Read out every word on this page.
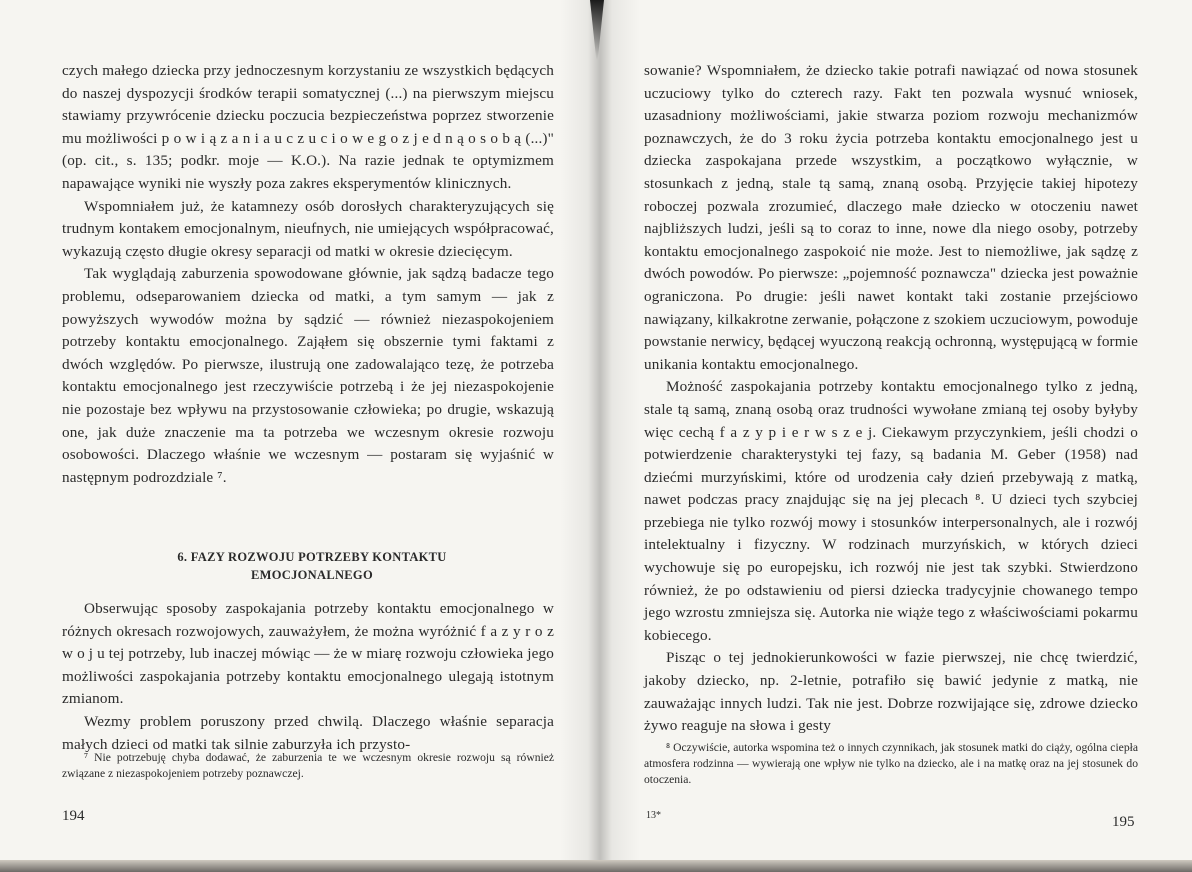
czych małego dziecka przy jednoczesnym korzystaniu ze wszystkich będących do naszej dyspozycji środków terapii somatycznej (...) na pierwszym miejscu stawiamy przywrócenie dziecku poczucia bezpieczeństwa poprzez stworzenie mu możliwości p o w i ą z a n i a u c z u c i o w e g o z j e d n ą o s o b ą (...)" (op. cit., s. 135; podkr. moje — K.O.). Na razie jednak te optymizmem napawające wyniki nie wyszły poza zakres eksperymentów klinicznych.

Wspomniałem już, że katamnezy osób dorosłych charakteryzujących się trudnym kontakem emocjonalnym, nieufnych, nie umiejących współpracować, wykazują często długie okresy separacji od matki w okresie dziecięcym.

Tak wyglądają zaburzenia spowodowane głównie, jak sądzą badacze tego problemu, odseparowaniem dziecka od matki, a tym samym — jak z powyższych wywodów można by sądzić — również niezaspokojeniem potrzeby kontaktu emocjonalnego. Zająłem się obszernie tymi faktami z dwóch względów. Po pierwsze, ilustrują one zadowalająco tezę, że potrzeba kontaktu emocjonalnego jest rzeczywiście potrzebą i że jej niezaspokojenie nie pozostaje bez wpływu na przystosowanie człowieka; po drugie, wskazują one, jak duże znaczenie ma ta potrzeba we wczesnym okresie rozwoju osobowości. Dlaczego właśnie we wczesnym — postaram się wyjaśnić w następnym podrozdziale ⁷.

6. FAZY ROZWOJU POTRZEBY KONTAKTU
EMOCJONALNEGO

Obserwując sposoby zaspokajania potrzeby kontaktu emocjonalnego w różnych okresach rozwojowych, zauważyłem, że można wyróżnić f a z y r o z w o j u tej potrzeby, lub inaczej mówiąc — że w miarę rozwoju człowieka jego możliwości zaspokajania potrzeby kontaktu emocjonalnego ulegają istotnym zmianom.

Wezmy problem poruszony przed chwilą. Dlaczego właśnie separacja małych dzieci od matki tak silnie zaburzyła ich przysto-

⁷ Nie potrzebuję chyba dodawać, że zaburzenia te we wczesnym okresie rozwoju są również związane z niezaspokojeniem potrzeby poznawczej.

194

sowanie? Wspomniałem, że dziecko takie potrafi nawiązać od nowa stosunek uczuciowy tylko do czterech razy. Fakt ten pozwala wysnuć wniosek, uzasadniony możliwościami, jakie stwarza poziom rozwoju mechanizmów poznawczych, że do 3 roku życia potrzeba kontaktu emocjonalnego jest u dziecka zaspokajana przede wszystkim, a początkowo wyłącznie, w stosunkach z jedną, stale tą samą, znaną osobą. Przyjęcie takiej hipotezy roboczej pozwala zrozumieć, dlaczego małe dziecko w otoczeniu nawet najbliższych ludzi, jeśli są to coraz to inne, nowe dla niego osoby, potrzeby kontaktu emocjonalnego zaspokoić nie może. Jest to niemożliwe, jak sądzę z dwóch powodów. Po pierwsze: „pojemność poznawcza" dziecka jest poważnie ograniczona. Po drugie: jeśli nawet kontakt taki zostanie przejściowo nawiązany, kilkakrotne zerwanie, połączone z szokiem uczuciowym, powoduje powstanie nerwicy, będącej wyuczoną reakcją ochronną, występującą w formie unikania kontaktu emocjonalnego.

Możność zaspokajania potrzeby kontaktu emocjonalnego tylko z jedną, stale tą samą, znaną osobą oraz trudności wywołane zmianą tej osoby byłyby więc cechą f a z y p i e r w s z e j. Ciekawym przyczynkiem, jeśli chodzi o potwierdzenie charakterystyki tej fazy, są badania M. Geber (1958) nad dziećmi murzyńskimi, które od urodzenia cały dzień przebywają z matką, nawet podczas pracy znajdując się na jej plecach ⁸. U dzieci tych szybciej przebiega nie tylko rozwój mowy i stosunków interpersonalnych, ale i rozwój intelektualny i fizyczny. W rodzinach murzyńskich, w których dzieci wychowuje się po europejsku, ich rozwój nie jest tak szybki. Stwierdzono również, że po odstawieniu od piersi dziecka tradycyjnie chowanego tempo jego wzrostu zmniejsza się. Autorka nie wiąże tego z właściwościami pokarmu kobiecego.

Pisząc o tej jednokierunkowości w fazie pierwszej, nie chcę twierdzić, jakoby dziecko, np. 2-letnie, potrafiło się bawić jedynie z matką, nie zauważając innych ludzi. Tak nie jest. Dobrze rozwijające się, zdrowe dziecko żywo reaguje na słowa i gesty

⁸ Oczywiście, autorka wspomina też o innych czynnikach, jak stosunek matki do ciąży, ogólna ciepła atmosfera rodzinna — wywierają one wpływ nie tylko na dziecko, ale i na matkę oraz na jej stosunek do otoczenia.

13*	195
